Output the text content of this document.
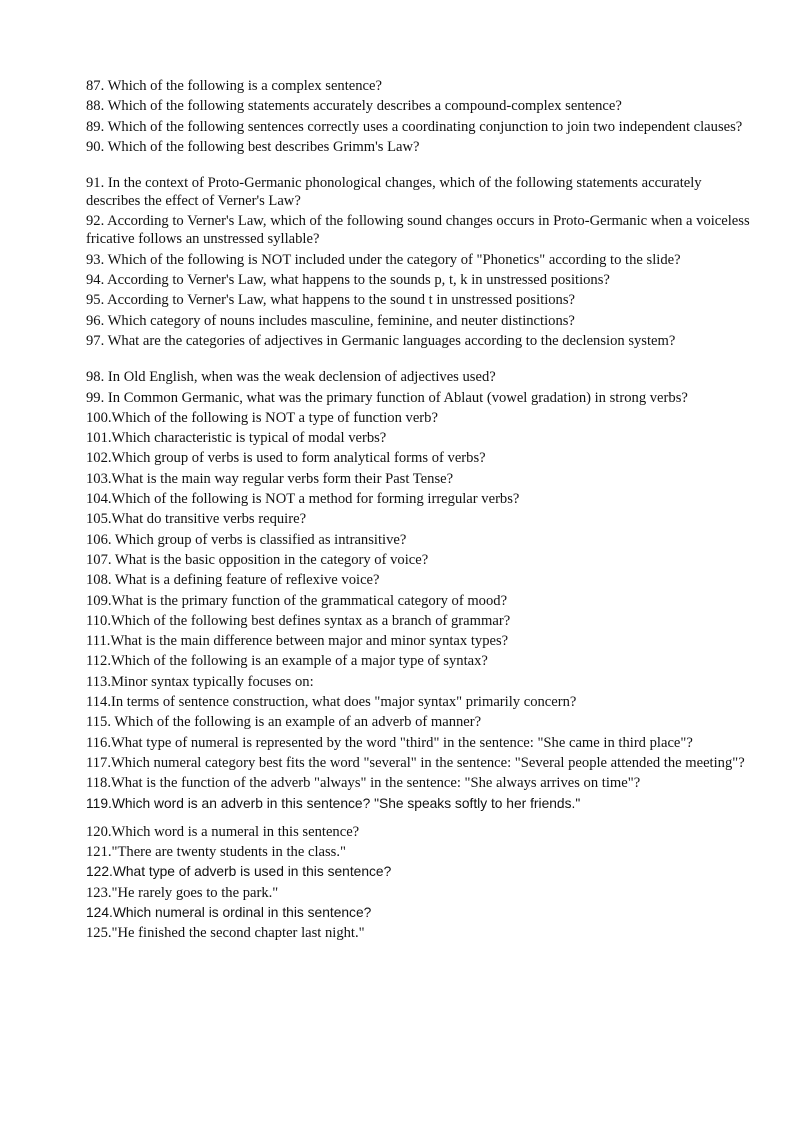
87. Which of the following is a complex sentence?

88. Which of the following statements accurately describes a compound-complex sentence?

89. Which of the following sentences correctly uses a coordinating conjunction to join two independent clauses?

90. Which of the following best describes Grimm's Law?

91. In the context of Proto-Germanic phonological changes, which of the following statements accurately describes the effect of Verner's Law?

92. According to Verner's Law, which of the following sound changes occurs in Proto-Germanic when a voiceless fricative follows an unstressed syllable?

93. Which of the following is NOT included under the category of "Phonetics" according to the slide?

94. According to Verner's Law, what happens to the sounds p, t, k in unstressed positions?

95. According to Verner's Law, what happens to the sound t in unstressed positions?

96. Which category of nouns includes masculine, feminine, and neuter distinctions?

97. What are the categories of adjectives in Germanic languages according to the declension system?

98. In Old English, when was the weak declension of adjectives used?

99. In Common Germanic, what was the primary function of Ablaut (vowel gradation) in strong verbs?

100.Which of the following is NOT a type of function verb?

101.Which characteristic is typical of modal verbs?

102.Which group of verbs is used to form analytical forms of verbs?

103.What is the main way regular verbs form their Past Tense?

104.Which of the following is NOT a method for forming irregular verbs?

105.What do transitive verbs require?

106. Which group of verbs is classified as intransitive?

107. What is the basic opposition in the category of voice?

108. What is a defining feature of reflexive voice?

109.What is the primary function of the grammatical category of mood?

110.Which of the following best defines syntax as a branch of grammar?

111.What is the main difference between major and minor syntax types?

112.Which of the following is an example of a major type of syntax?

113.Minor syntax typically focuses on:

114.In terms of sentence construction, what does "major syntax" primarily concern?

115. Which of the following is an example of an adverb of manner?

116.What type of numeral is represented by the word "third" in the sentence: "She came in third place"?

117.Which numeral category best fits the word "several" in the sentence: "Several people attended the meeting"?

118.What is the function of the adverb "always" in the sentence: "She always arrives on time"?

119.Which word is an adverb in this sentence? "She speaks softly to her friends."

120.Which word is a numeral in this sentence?

121."There are twenty students in the class."

122.What type of adverb is used in this sentence?

123."He rarely goes to the park."

124.Which numeral is ordinal in this sentence?

125."He finished the second chapter last night."
